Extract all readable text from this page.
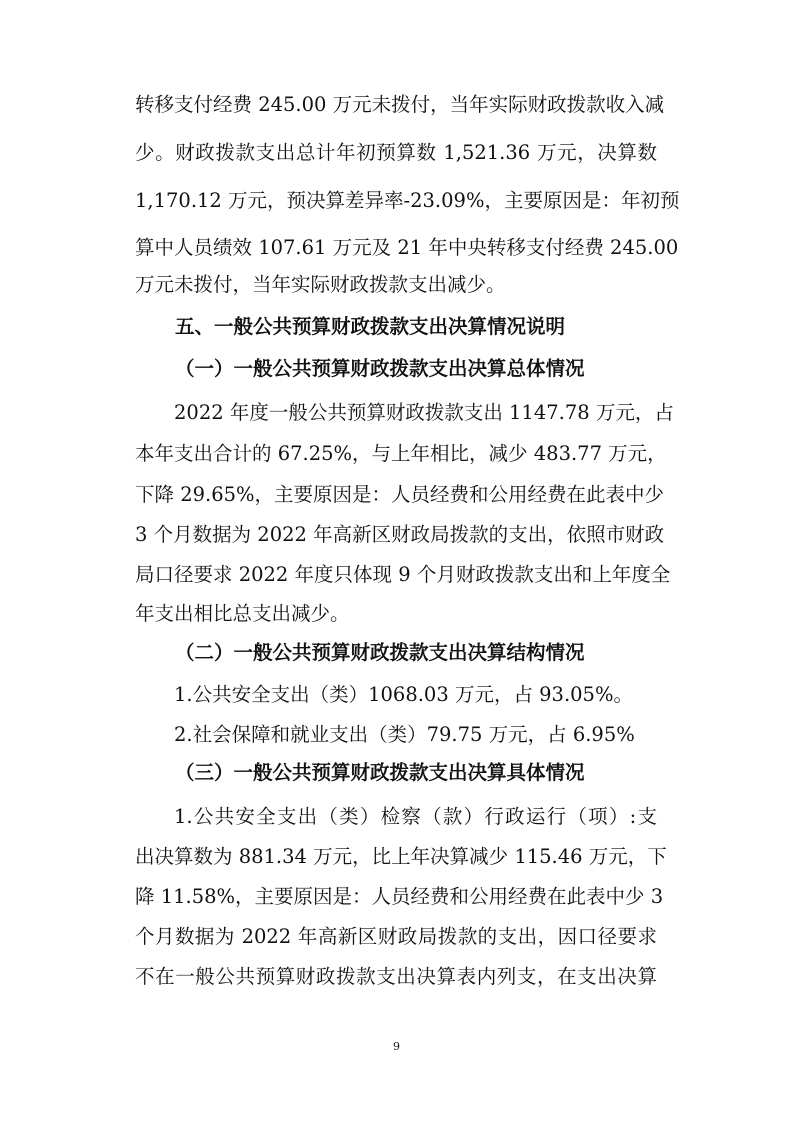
转移支付经费 245.00 万元未拨付，当年实际财政拨款收入减
少。财政拨款支出总计年初预算数 1,521.36 万元，决算数
1,170.12 万元，预决算差异率-23.09%，主要原因是：年初预
算中人员绩效 107.61 万元及 21 年中央转移支付经费 245.00
万元未拨付，当年实际财政拨款支出减少。
五、一般公共预算财政拨款支出决算情况说明
（一）一般公共预算财政拨款支出决算总体情况
2022 年度一般公共预算财政拨款支出 1147.78 万元，占
本年支出合计的 67.25%，与上年相比，减少 483.77 万元，
下降 29.65%，主要原因是：人员经费和公用经费在此表中少
3 个月数据为 2022 年高新区财政局拨款的支出，依照市财政
局口径要求 2022 年度只体现 9 个月财政拨款支出和上年度全
年支出相比总支出减少。
（二）一般公共预算财政拨款支出决算结构情况
1.公共安全支出（类）1068.03 万元，占 93.05%。
2.社会保障和就业支出（类）79.75 万元，占 6.95%
（三）一般公共预算财政拨款支出决算具体情况
1.公共安全支出（类）检察（款）行政运行（项）:支
出决算数为 881.34 万元，比上年决算减少 115.46 万元，下
降 11.58%，主要原因是：人员经费和公用经费在此表中少 3
个月数据为 2022 年高新区财政局拨款的支出，因口径要求
不在一般公共预算财政拨款支出决算表内列支，在支出决算
9
